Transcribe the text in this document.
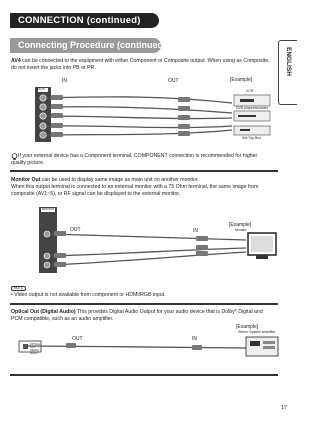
CONNECTION (continued)
Connecting Procedure (continued)
ENGLISH
AV4 can be connected to the equipment with either Component or Composite output. When using as Composite, do not insert the jacks into PB or PR.
IN	OUT	[Example]
AV4 IN	VCR
DVD player/recorder
Set-Top Box
If your external device has a Component terminal, COMPONENT connection is recommended for higher quality picture.
Monitor Out can be used to display same image as main unit on another monitor.
When this output terminal is connected to an external monitor with a 75 Ohm terminal, the same image from composite (AV1~5), or RF signal can be displayed to the external monitor.
MONITOR
OUT	IN
[Example]
Monitor
NOTE
• Video output is not available from component or HDMI/RGB input.
Optical Out (Digital Audio) This provides Digital Audio Output for your audio device that is Dolby* Digital and PCM compatible, such as an audio amplifier.
OPTICAL OUT DIGITAL AUDIO
OUT	IN
[Example]
Stereo System Amplifier
17
